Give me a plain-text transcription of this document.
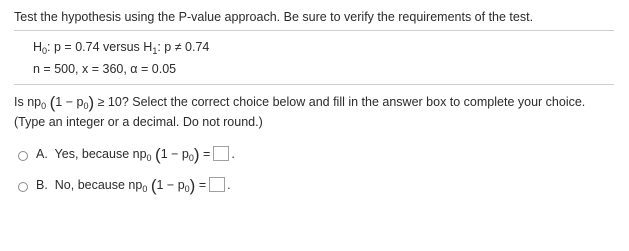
Test the hypothesis using the P-value approach. Be sure to verify the requirements of the test.
$H_0$: p = 0.74 versus $H_1$: p ≠ 0.74
n = 500, x = 360, α = 0.05
Is $np_0$ $(1 - p_0) \ge 10$? Select the correct choice below and fill in the answer box to complete your choice.
(Type an integer or a decimal. Do not round.)
A. Yes, because $np_0$ $(1 - p_0)$ = .
B. No, because $np_0$ $(1 - p_0)$ = .
